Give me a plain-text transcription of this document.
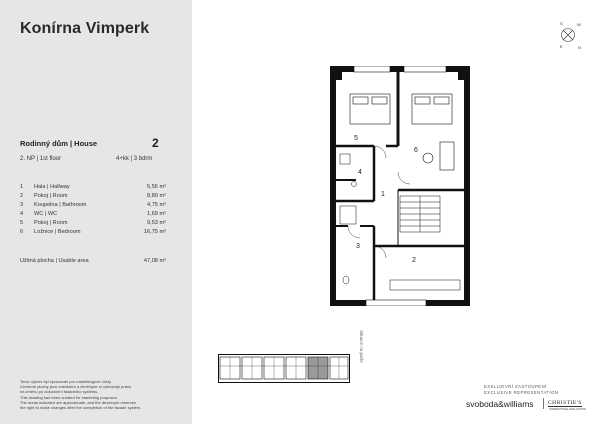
Konírna Vimperk
Rodinný dům | House	2
2. NP | 1st floor	4+kk | 3 bdrm
1 Hala | Hallway	5,56 m²
2 Pokoj | Room	8,80 m²
3 Koupelna | Bathroom	4,75 m²
4 WC | WC	1,69 m²
5 Pokoj | Room	9,53 m²
6 Ložnice | Bedroom	16,75 m²
Užitná plocha | Usable area	47,08 m²
Tento výkres byl zpracován pro marketingové účely.
Uvedené plochy jsou orientační a developer si vyhrazuje právo
na změnu po dokončení fasádního systému.
This drawing has been created for marketing purposes.
The areas indicated are approximate, and the developer reserves
the right to make changes after the completion of the facade system.
S	W
E	N
5
6
4
1
3
2
Situace na patře
EXKLUZIVNÍ ZASTOUPENÍ
EXCLUSIVE REPRESENTATION
svoboda&williams	CHRISTIE'S
INTERNATIONAL REAL ESTATE
